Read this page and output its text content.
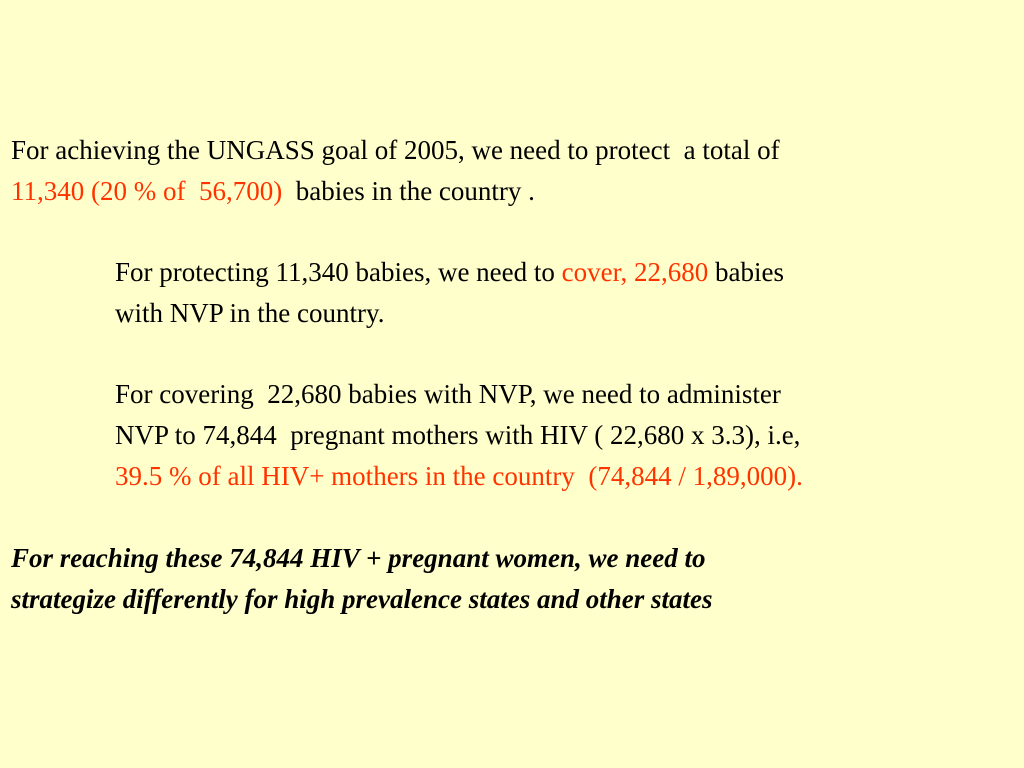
For achieving the UNGASS goal of 2005, we need to protect  a total of
11,340 (20 % of  56,700)  babies in the country .

For protecting 11,340 babies, we need to cover, 22,680 babies
with NVP in the country.

For covering  22,680 babies with NVP, we need to administer
NVP to 74,844  pregnant mothers with HIV ( 22,680 x 3.3), i.e,
39.5 % of all HIV+ mothers in the country  (74,844 / 1,89,000).

For reaching these 74,844 HIV + pregnant women, we need to
strategize differently for high prevalence states and other states
